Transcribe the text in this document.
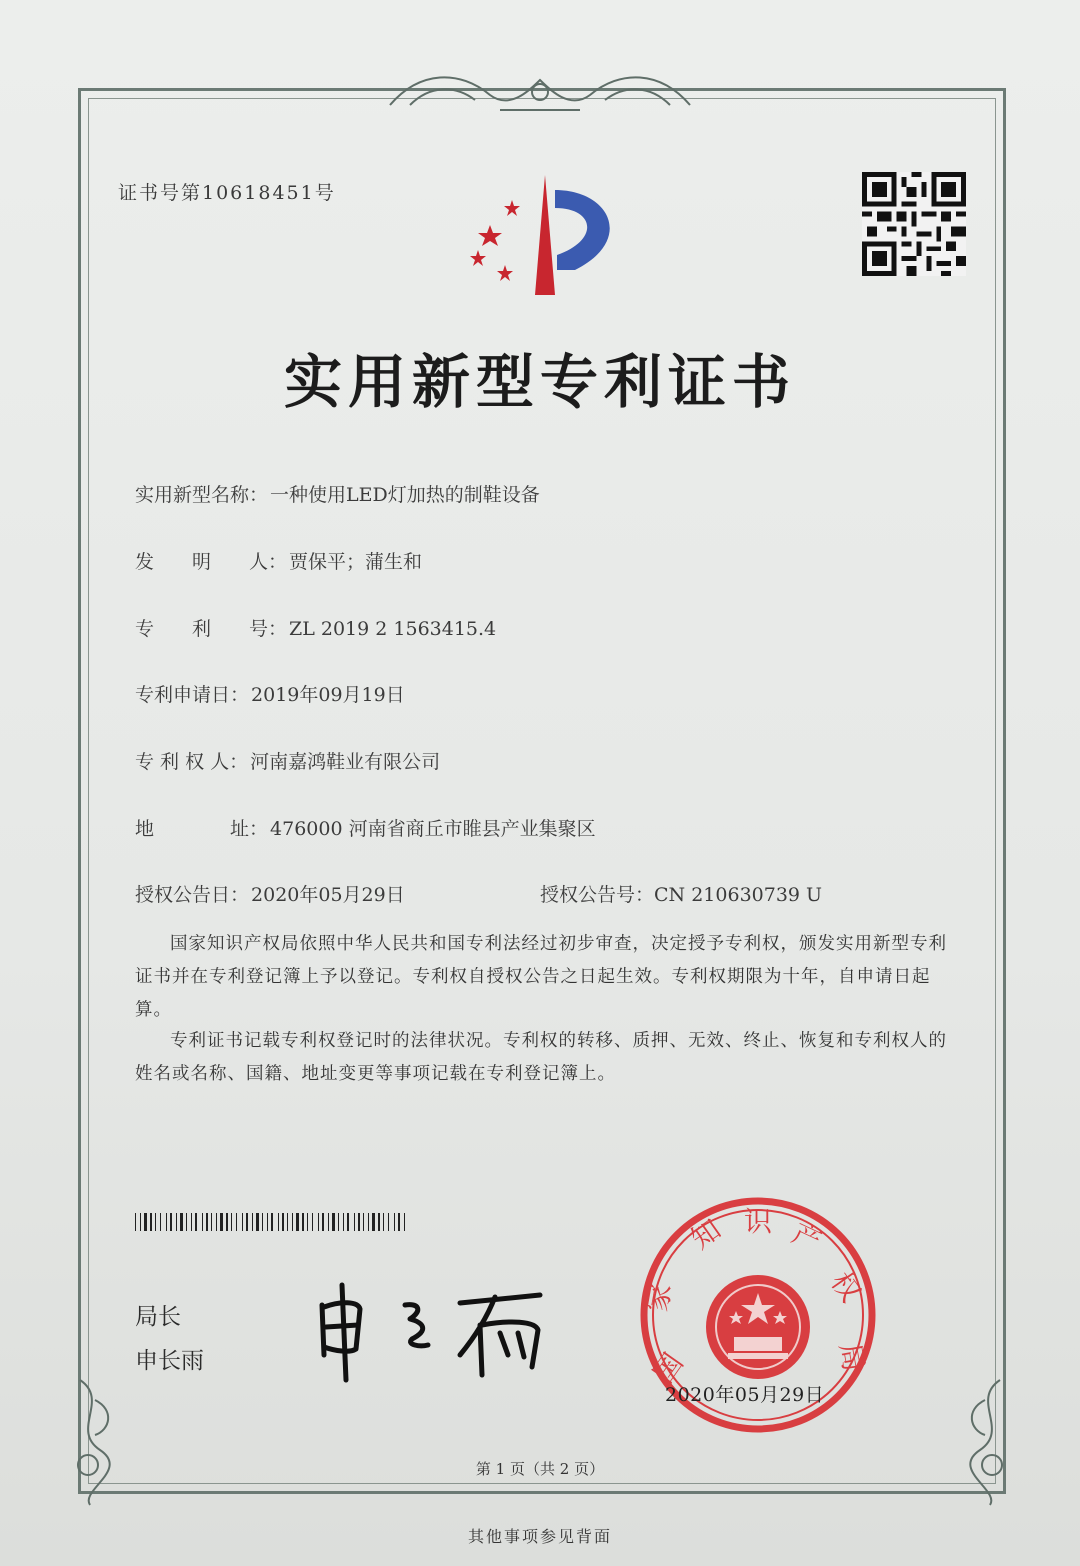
证书号第10618451号
实用新型专利证书
实用新型名称： 一种使用LED灯加热的制鞋设备
发　　明　　人： 贾保平；蒲生和
专　　利　　号： ZL 2019 2 1563415.4
专利申请日： 2019年09月19日
专 利 权 人： 河南嘉鸿鞋业有限公司
地　　　　址： 476000 河南省商丘市睢县产业集聚区
授权公告日： 2020年05月29日	授权公告号：CN 210630739 U
国家知识产权局依照中华人民共和国专利法经过初步审查，决定授予专利权，颁发实用新型专利证书并在专利登记簿上予以登记。专利权自授权公告之日起生效。专利权期限为十年，自申请日起算。
专利证书记载专利权登记时的法律状况。专利权的转移、质押、无效、终止、恢复和专利权人的姓名或名称、国籍、地址变更等事项记载在专利登记簿上。
局长
申长雨	国
家
知 识 产
权
局
2020年05月29日
第 1 页（共 2 页）
其他事项参见背面
